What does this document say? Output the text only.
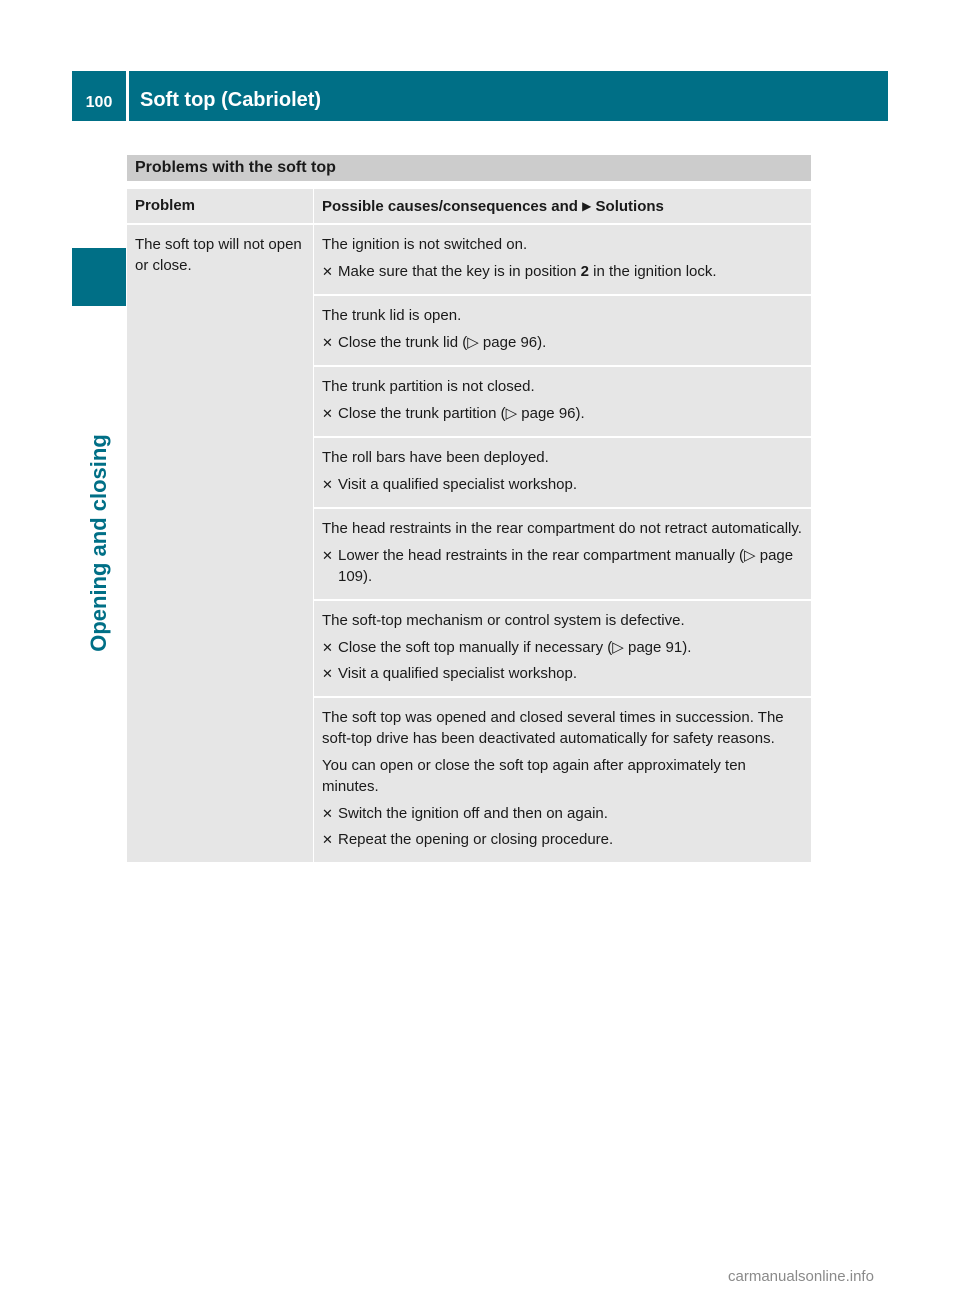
100	Soft top (Cabriolet)
Opening and closing
Problems with the soft top
Problem	Possible causes/consequences and ▶ Solutions
The soft top will not open or close.

The ignition is not switched on.

✕ Make sure that the key is in position 2 in the ignition lock.

The trunk lid is open.

✕ Close the trunk lid (▷ page 96).

The trunk partition is not closed.

✕ Close the trunk partition (▷ page 96).

The roll bars have been deployed.

✕ Visit a qualified specialist workshop.

The head restraints in the rear compartment do not retract automatically.

✕ Lower the head restraints in the rear compartment manually (▷ page 109).

The soft-top mechanism or control system is defective.

✕ Close the soft top manually if necessary (▷ page 91).
✕ Visit a qualified specialist workshop.

The soft top was opened and closed several times in succession. The soft-top drive has been deactivated automatically for safety reasons.

You can open or close the soft top again after approximately ten minutes.

✕ Switch the ignition off and then on again.
✕ Repeat the opening or closing procedure.
carmanualsonline.info
